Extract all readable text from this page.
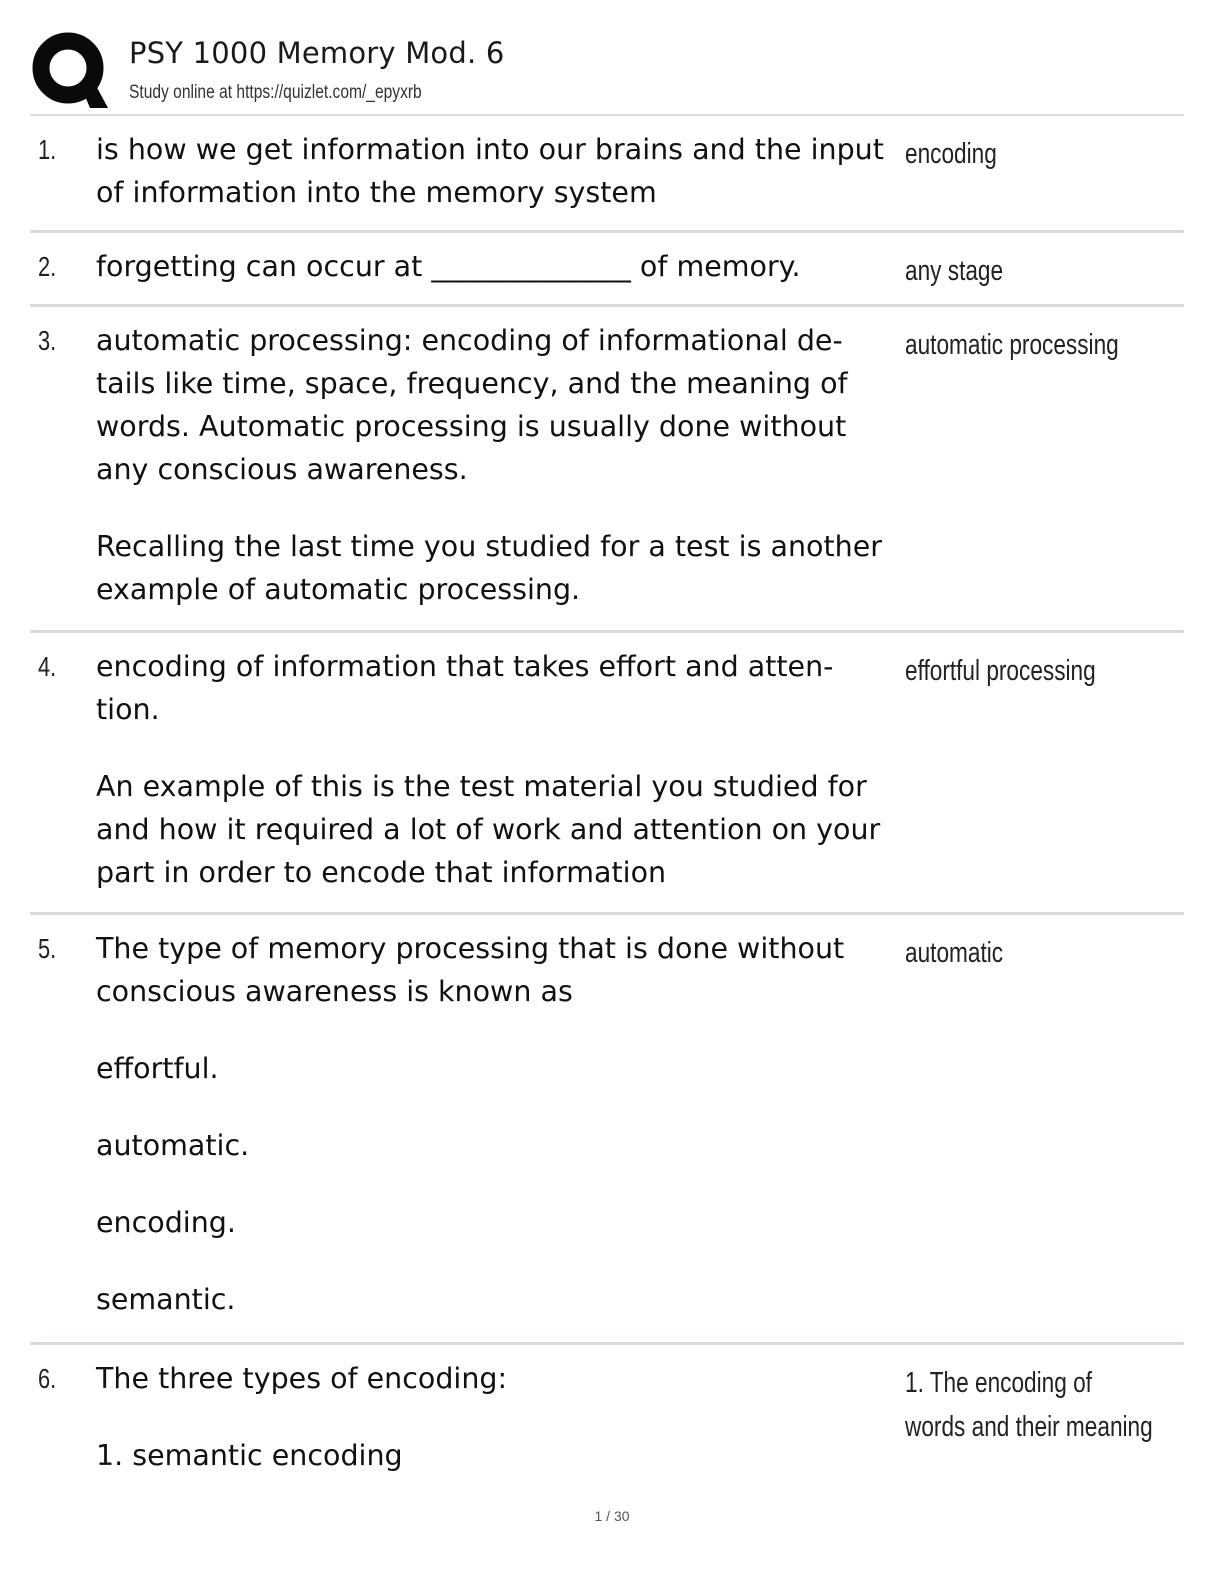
PSY 1000 Memory Mod. 6
Study online at https://quizlet.com/_epyxrb
1. is how we get information into our brains and the input of information into the memory system

encoding
2. forgetting can occur at ______________ of memory.	any stage
3. automatic processing: encoding of informational de-tails like time, space, frequency, and the meaning of words. Automatic processing is usually done without any conscious awareness.

Recalling the last time you studied for a test is another example of automatic processing.

automatic processing
4. encoding of information that takes effort and atten-tion.

An example of this is the test material you studied for and how it required a lot of work and attention on your part in order to encode that information

effortful processing
5. The type of memory processing that is done without conscious awareness is known as

effortful.

automatic.

encoding.

semantic.

automatic
6. The three types of encoding:

1. semantic encoding

1. The encoding of words and their meaning
1 / 30
